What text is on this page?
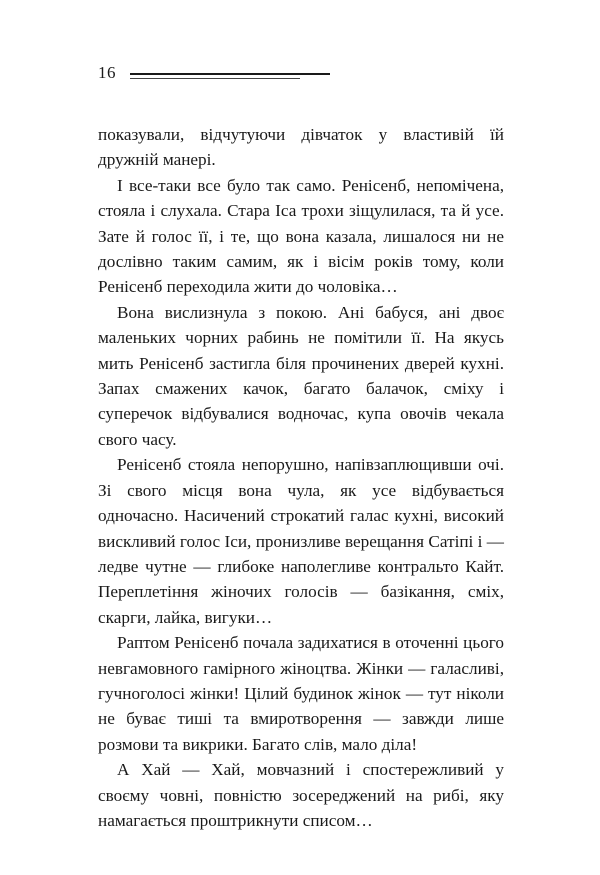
16

показували, відчутуючи дівчаток у властивій їй дружній манері.

І все-таки все було так само. Ренісенб, непомічена, стояла і слухала. Стара Іса трохи зіщулилася, та й усе. Зате й голос її, і те, що вона казала, лишалося ни не дослівно таким самим, як і вісім років тому, коли Ренісенб переходила жити до чоловіка…

Вона вислизнула з покою. Ані бабуся, ані двоє маленьких чорних рабинь не помітили її. На якусь мить Ренісенб застигла біля прочинених дверей кухні. Запах смажених качок, багато балачок, сміху і суперечок відбувалися водночас, купа овочів чекала свого часу.

Ренісенб стояла непорушно, напівзаплющивши очі. Зі свого місця вона чула, як усе відбувається одночасно. Насичений строкатий галас кухні, високий вискливий голос Іси, пронизливе верещання Сатіпі і — ледве чутне — глибоке наполегливе контральто Кайт. Переплетіння жіночих голосів — базікання, сміх, скарги, лайка, вигуки…

Раптом Ренісенб почала задихатися в оточенні цього невгамовного гамірного жіноцтва. Жінки — галасливі, гучноголосі жінки! Цілий будинок жінок — тут ніколи не буває тиші та вмиротворення — завжди лише розмови та викрики. Багато слів, мало діла!

А Хай — Хай, мовчазний і спостережливий у своєму човні, повністю зосереджений на рибі, яку намагається проштрикнути списом…
